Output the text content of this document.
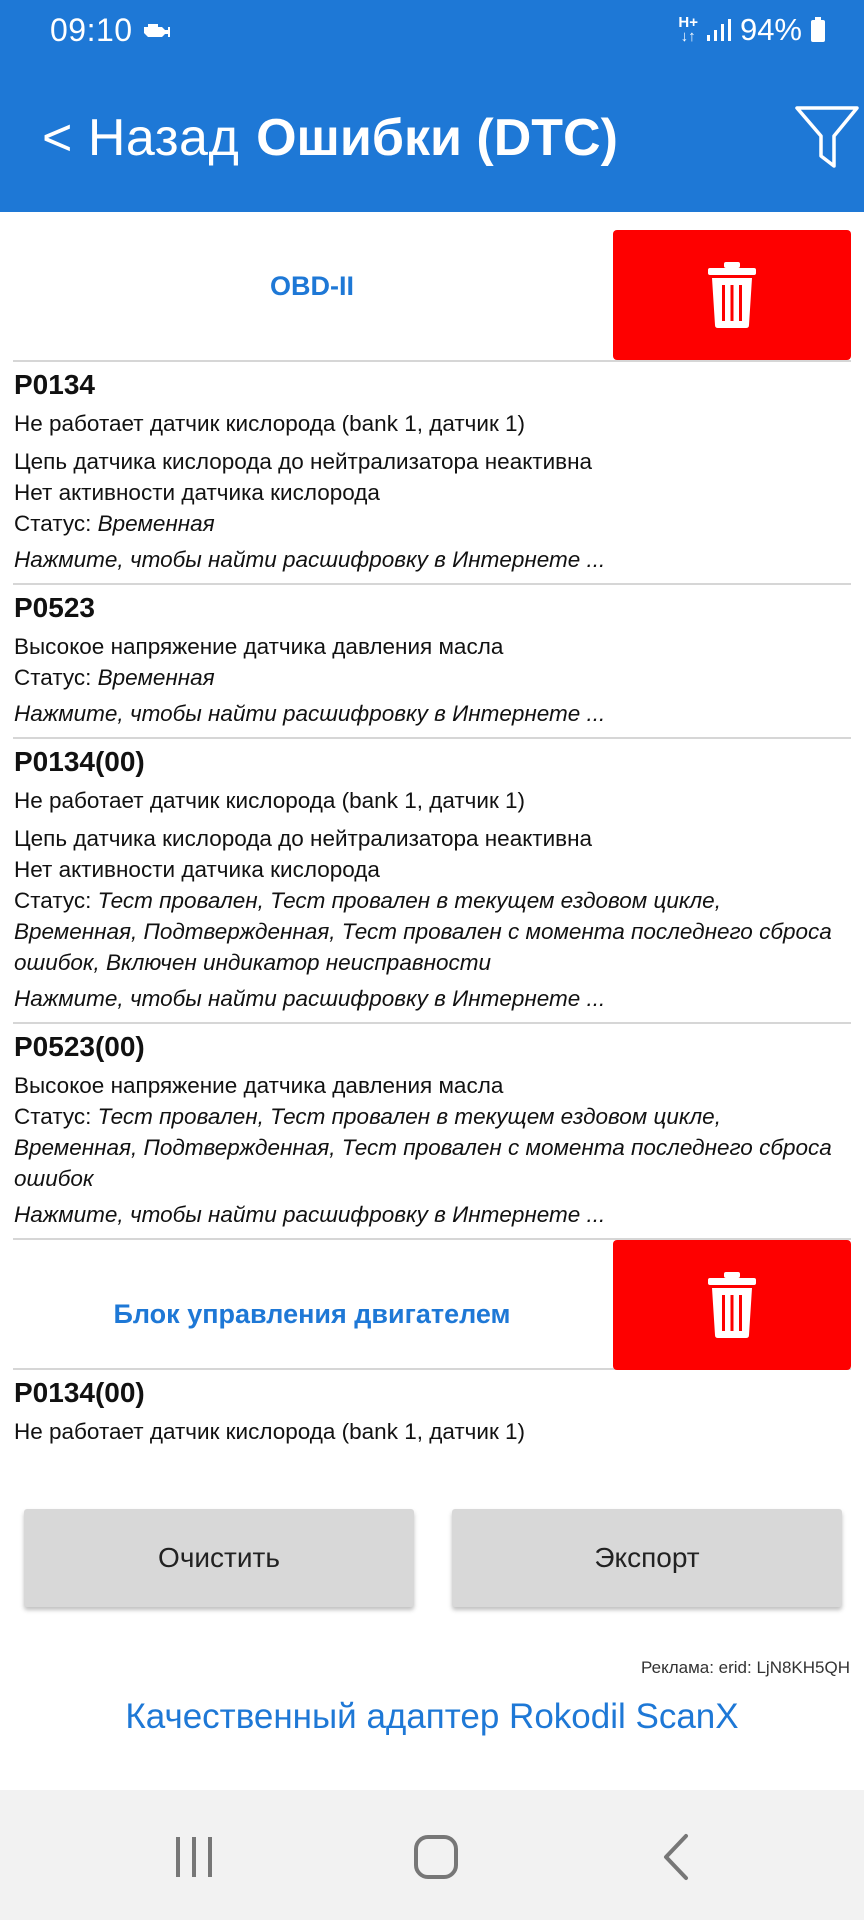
09:10	H+
↓↑ 94%
< Назад Ошибки (DTC)
OBD-II
P0134
Не работает датчик кислорода (bank 1, датчик 1)
Цепь датчика кислорода до нейтрализатора неактивна
Нет активности датчика кислорода
Статус: Временная
Нажмите, чтобы найти расшифровку в Интернете ...
P0523
Высокое напряжение датчика давления масла
Статус: Временная
Нажмите, чтобы найти расшифровку в Интернете ...
P0134(00)
Не работает датчик кислорода (bank 1, датчик 1)
Цепь датчика кислорода до нейтрализатора неактивна
Нет активности датчика кислорода
Статус: Тест провален, Тест провален в текущем ездовом цикле, Временная, Подтвержденная, Тест провален с момента последнего сброса ошибок, Включен индикатор неисправности
Нажмите, чтобы найти расшифровку в Интернете ...
P0523(00)
Высокое напряжение датчика давления масла
Статус: Тест провален, Тест провален в текущем ездовом цикле, Временная, Подтвержденная, Тест провален с момента последнего сброса ошибок
Нажмите, чтобы найти расшифровку в Интернете ...
Блок управления двигателем
P0134(00)
Не работает датчик кислорода (bank 1, датчик 1)
Очистить	Экспорт
Реклама: erid: LjN8KH5QH
Качественный адаптер Rokodil ScanX
